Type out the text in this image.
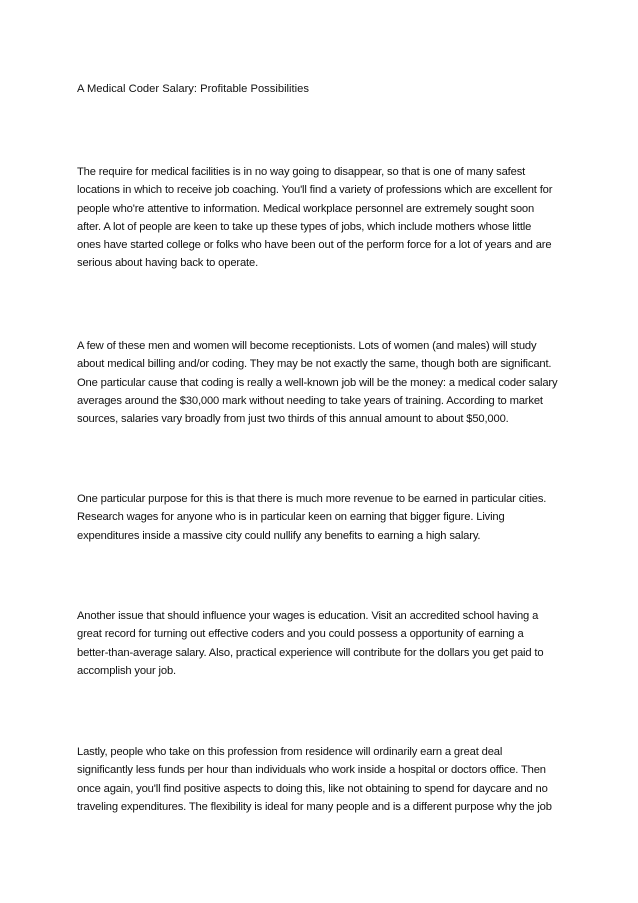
A Medical Coder Salary: Profitable Possibilities

The require for medical facilities is in no way going to disappear, so that is one of many safest
locations in which to receive job coaching. You'll find a variety of professions which are excellent for
people who're attentive to information. Medical workplace personnel are extremely sought soon
after. A lot of people are keen to take up these types of jobs, which include mothers whose little
ones have started college or folks who have been out of the perform force for a lot of years and are
serious about having back to operate.

A few of these men and women will become receptionists. Lots of women (and males) will study
about medical billing and/or coding. They may be not exactly the same, though both are significant.
One particular cause that coding is really a well-known job will be the money: a medical coder salary
averages around the $30,000 mark without needing to take years of training. According to market
sources, salaries vary broadly from just two thirds of this annual amount to about $50,000.

One particular purpose for this is that there is much more revenue to be earned in particular cities.
Research wages for anyone who is in particular keen on earning that bigger figure. Living
expenditures inside a massive city could nullify any benefits to earning a high salary.

Another issue that should influence your wages is education. Visit an accredited school having a
great record for turning out effective coders and you could possess a opportunity of earning a
better-than-average salary. Also, practical experience will contribute for the dollars you get paid to
accomplish your job.

Lastly, people who take on this profession from residence will ordinarily earn a great deal
significantly less funds per hour than individuals who work inside a hospital or doctors office. Then
once again, you'll find positive aspects to doing this, like not obtaining to spend for daycare and no
traveling expenditures. The flexibility is ideal for many people and is a different purpose why the job
